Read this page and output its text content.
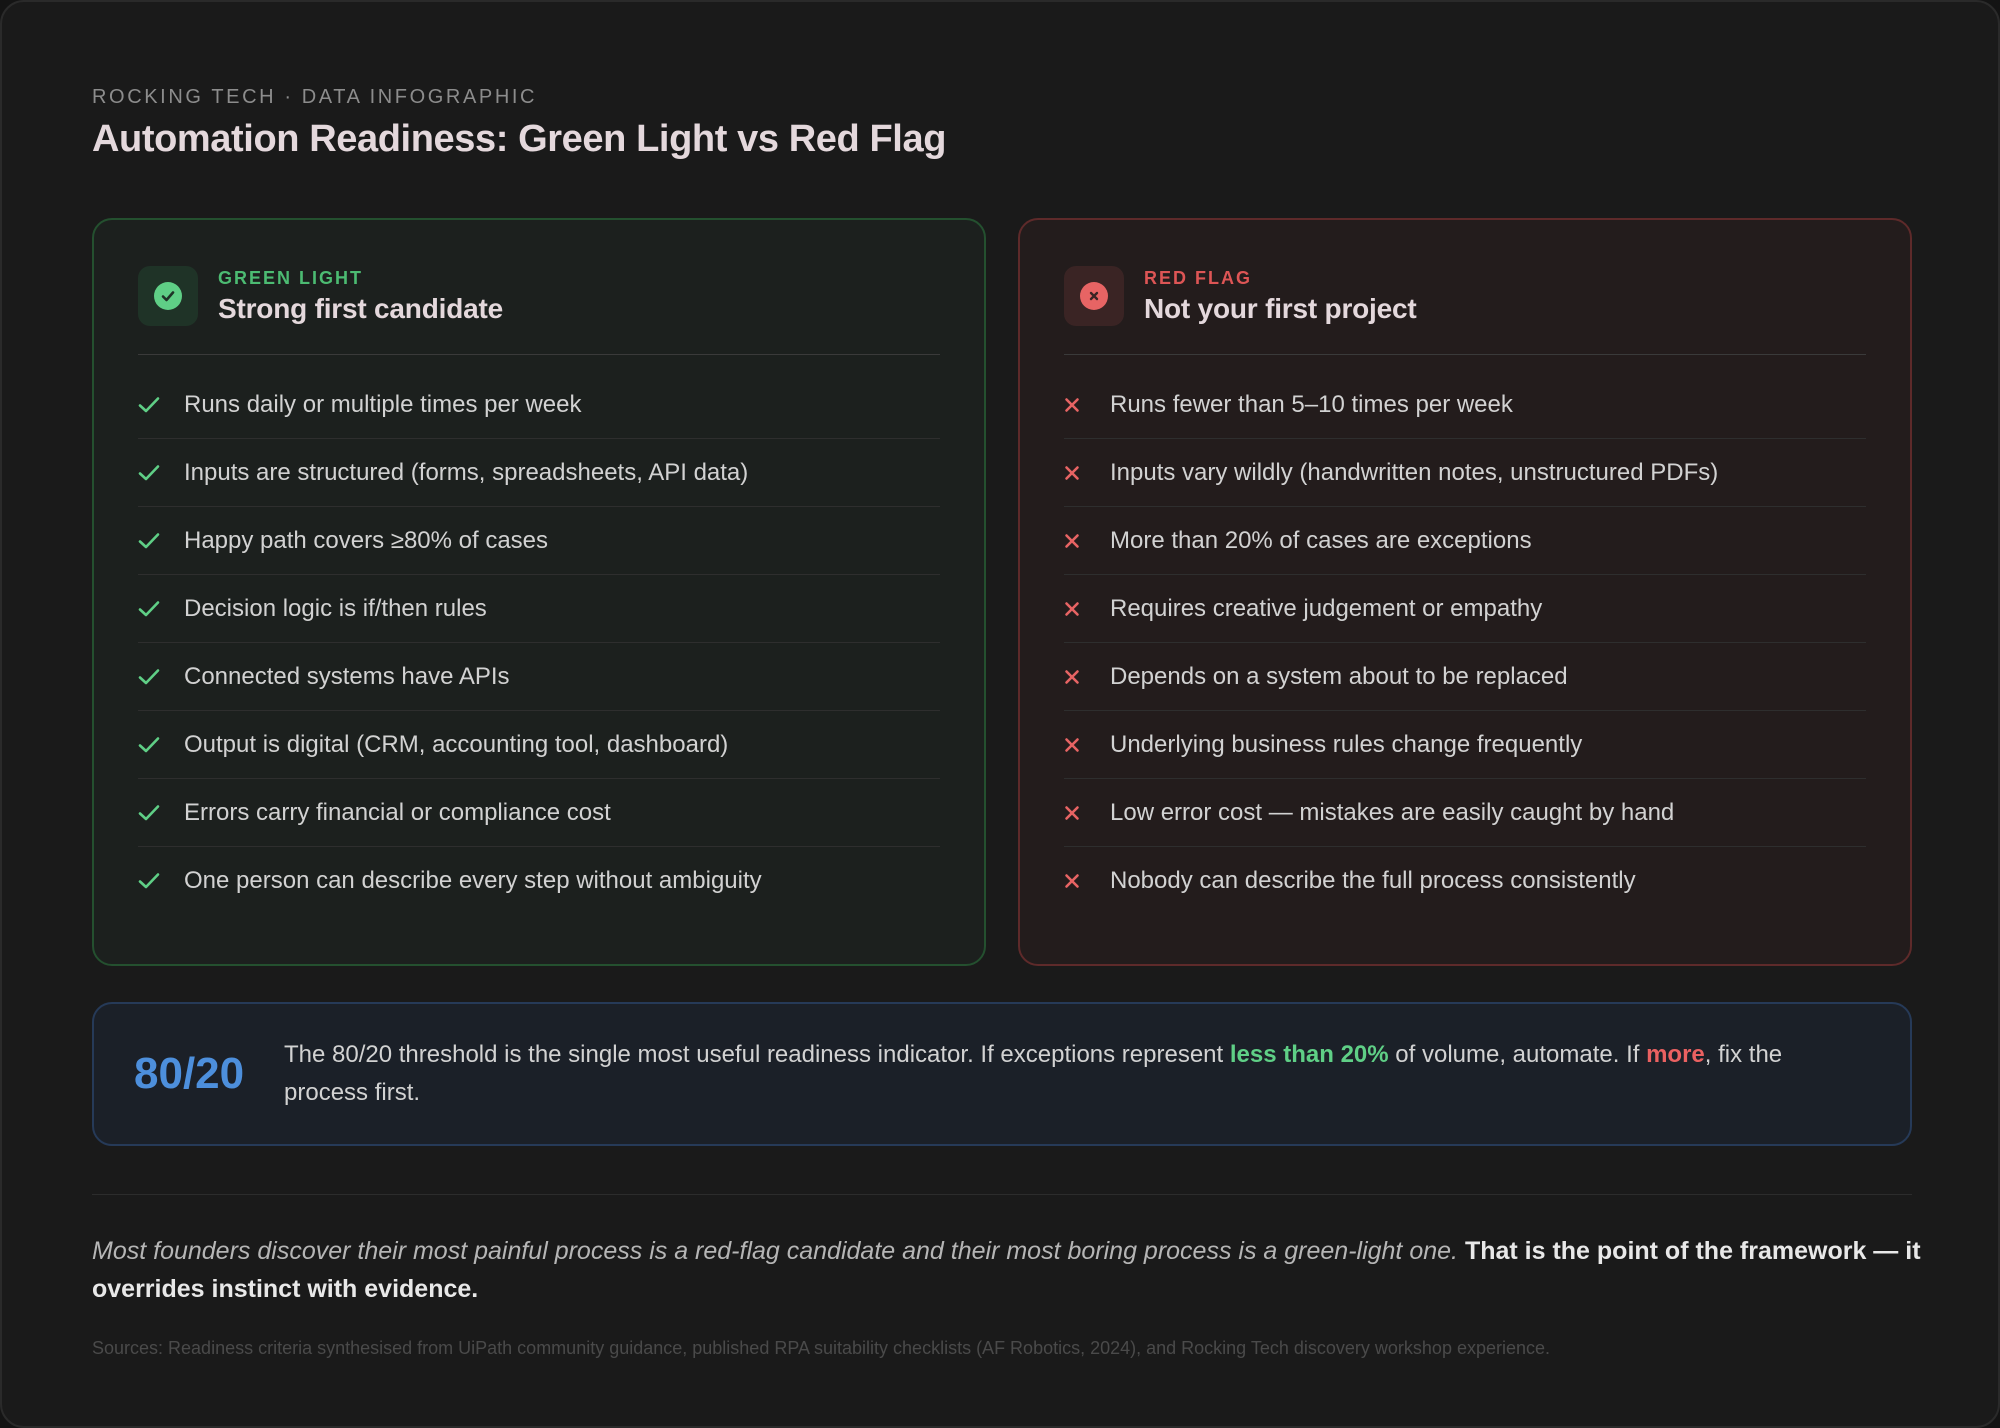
ROCKING TECH · DATA INFOGRAPHIC
Automation Readiness: Green Light vs Red Flag
GREEN LIGHT
Strong first candidate
Runs daily or multiple times per week
Inputs are structured (forms, spreadsheets, API data)
Happy path covers ≥80% of cases
Decision logic is if/then rules
Connected systems have APIs
Output is digital (CRM, accounting tool, dashboard)
Errors carry financial or compliance cost
One person can describe every step without ambiguity
RED FLAG
Not your first project
Runs fewer than 5–10 times per week
Inputs vary wildly (handwritten notes, unstructured PDFs)
More than 20% of cases are exceptions
Requires creative judgement or empathy
Depends on a system about to be replaced
Underlying business rules change frequently
Low error cost — mistakes are easily caught by hand
Nobody can describe the full process consistently
80/20	The 80/20 threshold is the single most useful readiness indicator. If exceptions represent less than 20% of volume, automate. If more, fix the process first.

Most founders discover their most painful process is a red-flag candidate and their most boring process is a green-light one. That is the point of the framework — it overrides instinct with evidence.

Sources: Readiness criteria synthesised from UiPath community guidance, published RPA suitability checklists (AF Robotics, 2024), and Rocking Tech discovery workshop experience.
